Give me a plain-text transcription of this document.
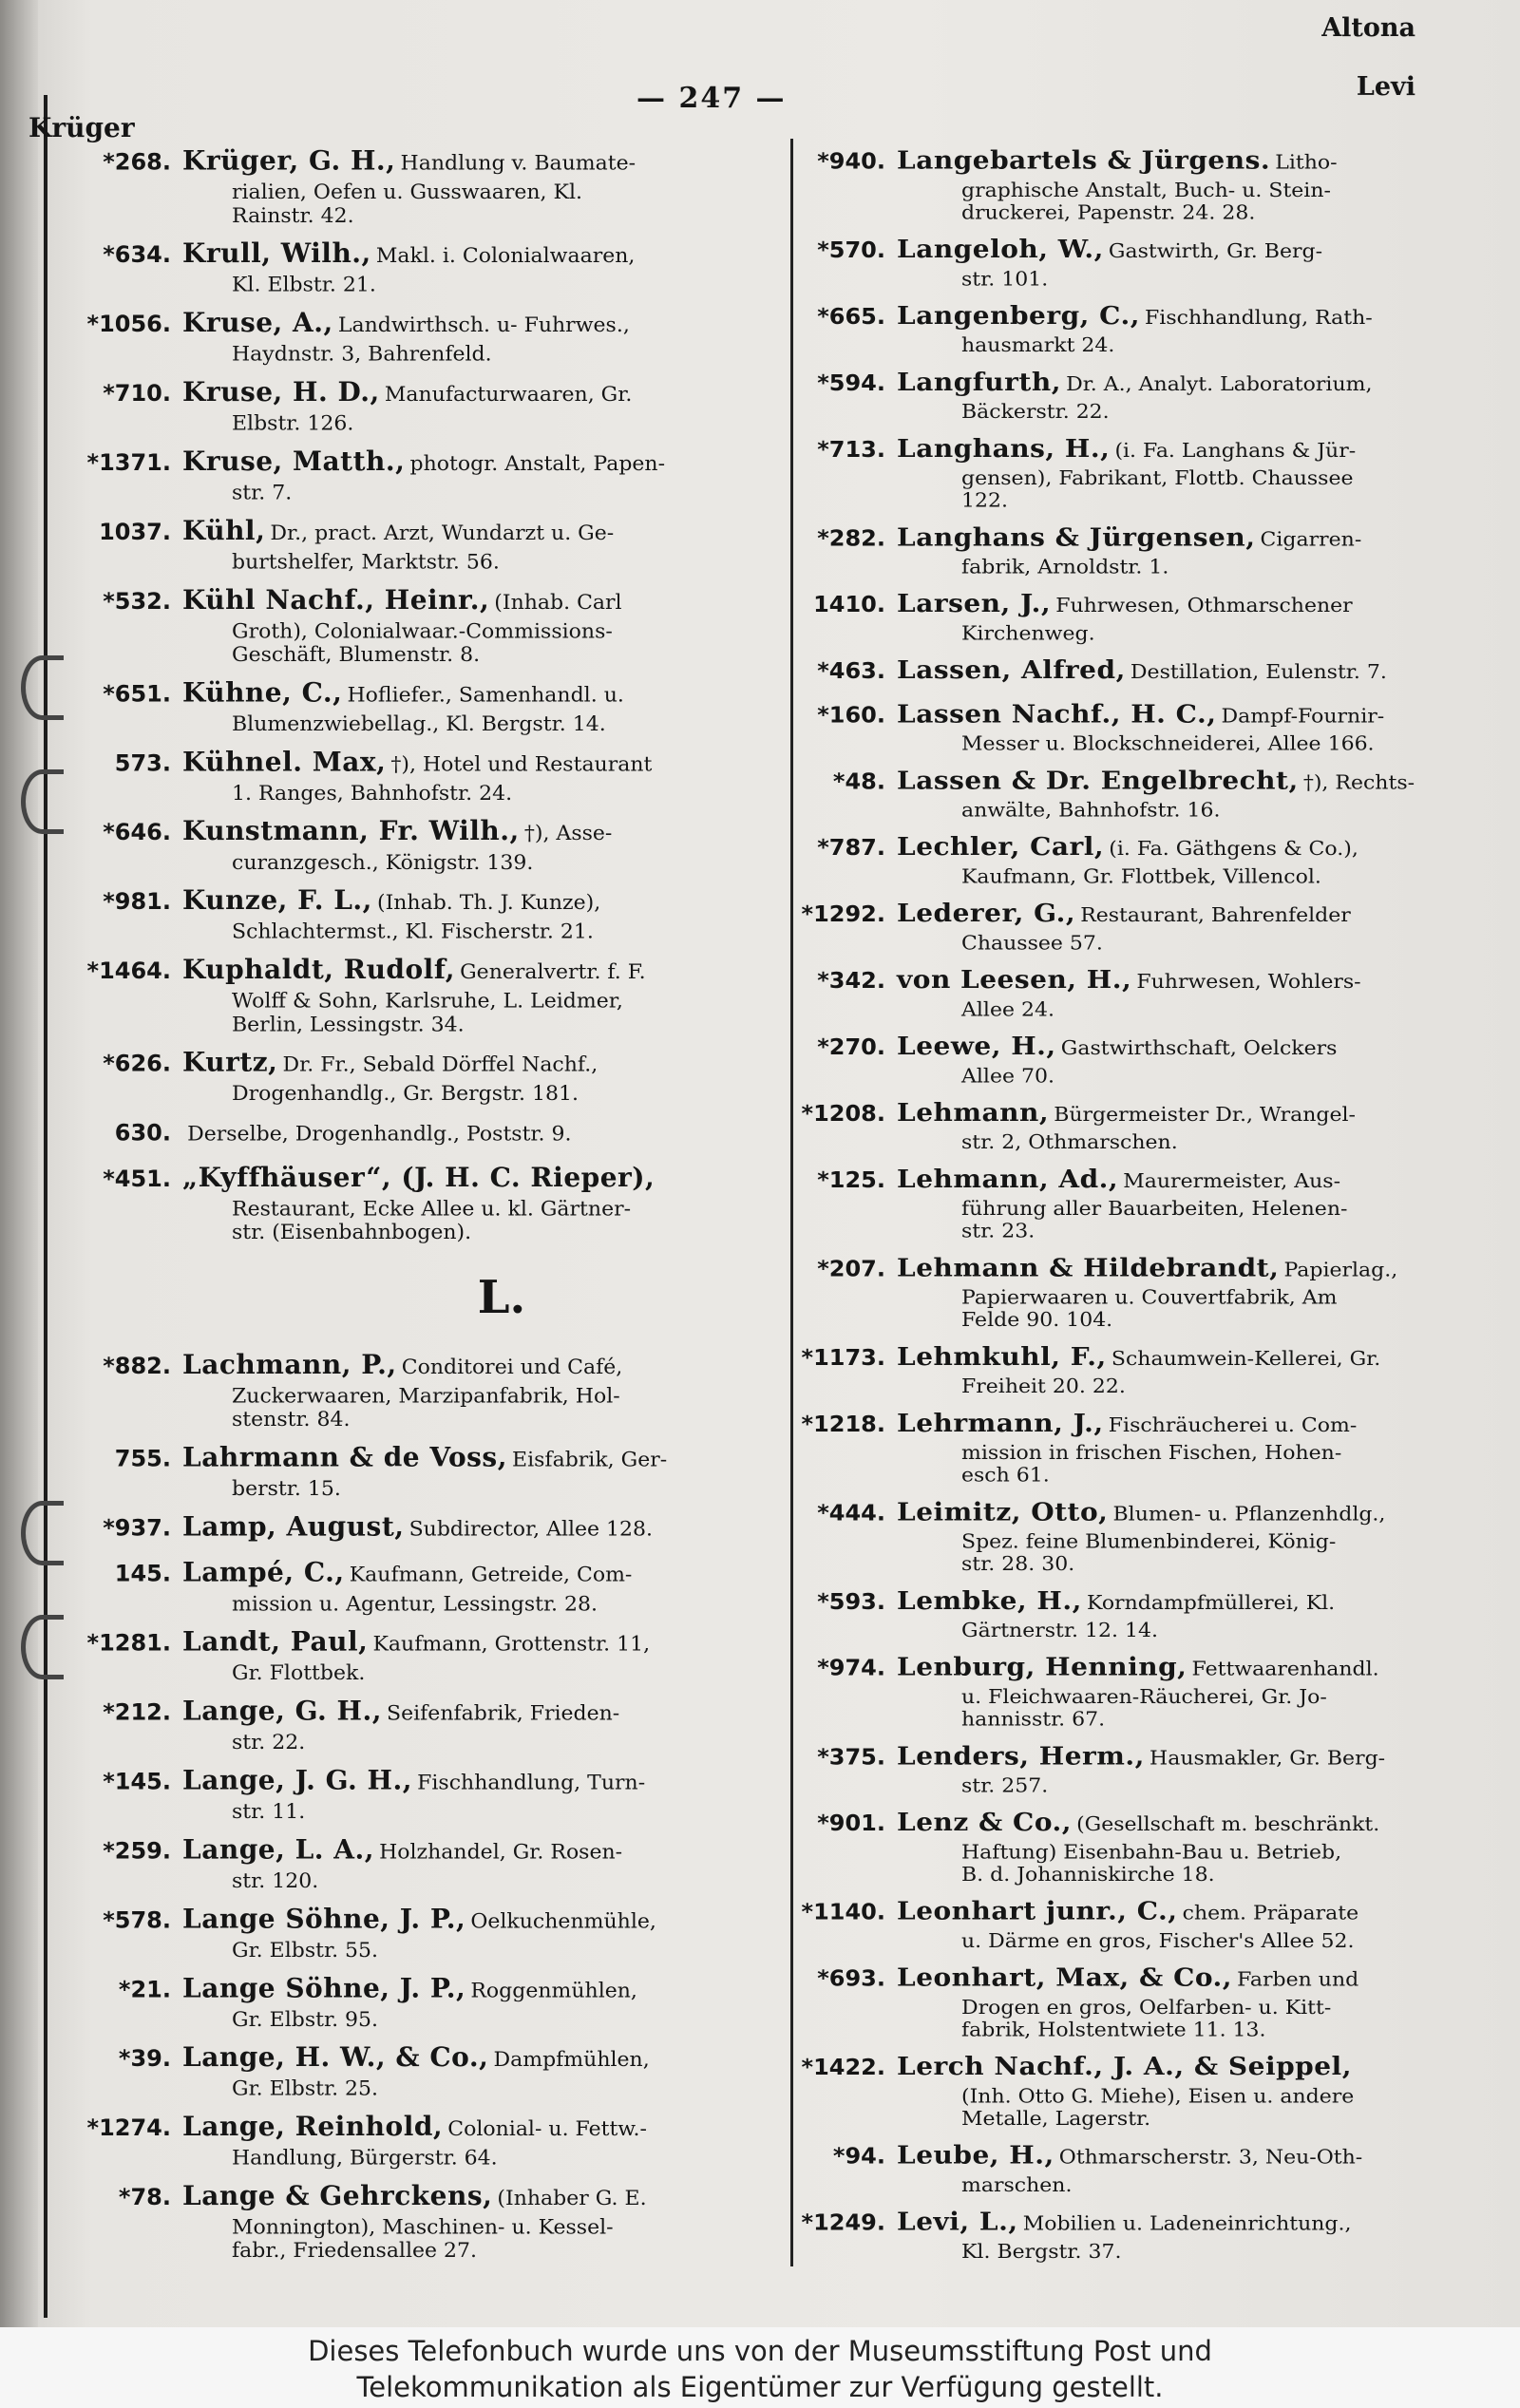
Altona
Levi
Krüger
— 247 —
*268. Krüger, G. H., Handlung v. Baumate-
rialien, Oefen u. Gusswaaren, Kl.
Rainstr. 42.
*634. Krull, Wilh., Makl. i. Colonialwaaren,
Kl. Elbstr. 21.
*1056. Kruse, A., Landwirthsch. u- Fuhrwes.,
Haydnstr. 3, Bahrenfeld.
*710. Kruse, H. D., Manufacturwaaren, Gr.
Elbstr. 126.
*1371. Kruse, Matth., photogr. Anstalt, Papen-
str. 7.
1037. Kühl, Dr., pract. Arzt, Wundarzt u. Ge-
burtshelfer, Marktstr. 56.
*532. Kühl Nachf., Heinr., (Inhab. Carl
Groth), Colonialwaar.-Commissions-
Geschäft, Blumenstr. 8.
*651. Kühne, C., Hofliefer., Samenhandl. u.
Blumenzwiebellag., Kl. Bergstr. 14.
573. Kühnel. Max, †), Hotel und Restaurant
1. Ranges, Bahnhofstr. 24.
*646. Kunstmann, Fr. Wilh., †), Asse-
curanzgesch., Königstr. 139.
*981. Kunze, F. L., (Inhab. Th. J. Kunze),
Schlachtermst., Kl. Fischerstr. 21.
*1464. Kuphaldt, Rudolf, Generalvertr. f. F.
Wolff & Sohn, Karlsruhe, L. Leidmer,
Berlin, Lessingstr. 34.
*626. Kurtz, Dr. Fr., Sebald Dörffel Nachf.,
Drogenhandlg., Gr. Bergstr. 181.
630. Derselbe, Drogenhandlg., Poststr. 9.
*451. „Kyffhäuser“, (J. H. C. Rieper),
Restaurant, Ecke Allee u. kl. Gärtner-
str. (Eisenbahnbogen).
L.
*882. Lachmann, P., Conditorei und Café,
Zuckerwaaren, Marzipanfabrik, Hol-
stenstr. 84.
755. Lahrmann & de Voss, Eisfabrik, Ger-
berstr. 15.
*937. Lamp, August, Subdirector, Allee 128.
145. Lampé, C., Kaufmann, Getreide, Com-
mission u. Agentur, Lessingstr. 28.
*1281. Landt, Paul, Kaufmann, Grottenstr. 11,
Gr. Flottbek.
*212. Lange, G. H., Seifenfabrik, Frieden-
str. 22.
*145. Lange, J. G. H., Fischhandlung, Turn-
str. 11.
*259. Lange, L. A., Holzhandel, Gr. Rosen-
str. 120.
*578. Lange Söhne, J. P., Oelkuchenmühle,
Gr. Elbstr. 55.
*21. Lange Söhne, J. P., Roggenmühlen,
Gr. Elbstr. 95.
*39. Lange, H. W., & Co., Dampfmühlen,
Gr. Elbstr. 25.
*1274. Lange, Reinhold, Colonial- u. Fettw.-
Handlung, Bürgerstr. 64.
*78. Lange & Gehrckens, (Inhaber G. E.
Monnington), Maschinen- u. Kessel-
fabr., Friedensallee 27.
*940. Langebartels & Jürgens. Litho-
graphische Anstalt, Buch- u. Stein-
druckerei, Papenstr. 24. 28.
*570. Langeloh, W., Gastwirth, Gr. Berg-
str. 101.
*665. Langenberg, C., Fischhandlung, Rath-
hausmarkt 24.
*594. Langfurth, Dr. A., Analyt. Laboratorium,
Bäckerstr. 22.
*713. Langhans, H., (i. Fa. Langhans & Jür-
gensen), Fabrikant, Flottb. Chaussee
122.
*282. Langhans & Jürgensen, Cigarren-
fabrik, Arnoldstr. 1.
1410. Larsen, J., Fuhrwesen, Othmarschener
Kirchenweg.
*463. Lassen, Alfred, Destillation, Eulenstr. 7.
*160. Lassen Nachf., H. C., Dampf-Fournir-
Messer u. Blockschneiderei, Allee 166.
*48. Lassen & Dr. Engelbrecht, †), Rechts-
anwälte, Bahnhofstr. 16.
*787. Lechler, Carl, (i. Fa. Gäthgens & Co.),
Kaufmann, Gr. Flottbek, Villencol.
*1292. Lederer, G., Restaurant, Bahrenfelder
Chaussee 57.
*342. von Leesen, H., Fuhrwesen, Wohlers-
Allee 24.
*270. Leewe, H., Gastwirthschaft, Oelckers
Allee 70.
*1208. Lehmann, Bürgermeister Dr., Wrangel-
str. 2, Othmarschen.
*125. Lehmann, Ad., Maurermeister, Aus-
führung aller Bauarbeiten, Helenen-
str. 23.
*207. Lehmann & Hildebrandt, Papierlag.,
Papierwaaren u. Couvertfabrik, Am
Felde 90. 104.
*1173. Lehmkuhl, F., Schaumwein-Kellerei, Gr.
Freiheit 20. 22.
*1218. Lehrmann, J., Fischräucherei u. Com-
mission in frischen Fischen, Hohen-
esch 61.
*444. Leimitz, Otto, Blumen- u. Pflanzenhdlg.,
Spez. feine Blumenbinderei, König-
str. 28. 30.
*593. Lembke, H., Korndampfmüllerei, Kl.
Gärtnerstr. 12. 14.
*974. Lenburg, Henning, Fettwaarenhandl.
u. Fleichwaaren-Räucherei, Gr. Jo-
hannisstr. 67.
*375. Lenders, Herm., Hausmakler, Gr. Berg-
str. 257.
*901. Lenz & Co., (Gesellschaft m. beschränkt.
Haftung) Eisenbahn-Bau u. Betrieb,
B. d. Johanniskirche 18.
*1140. Leonhart junr., C., chem. Präparate
u. Därme en gros, Fischer's Allee 52.
*693. Leonhart, Max, & Co., Farben und
Drogen en gros, Oelfarben- u. Kitt-
fabrik, Holstentwiete 11. 13.
*1422. Lerch Nachf., J. A., & Seippel,
(Inh. Otto G. Miehe), Eisen u. andere
Metalle, Lagerstr.
*94. Leube, H., Othmarscherstr. 3, Neu-Oth-
marschen.
*1249. Levi, L., Mobilien u. Ladeneinrichtung.,
Kl. Bergstr. 37.
Dieses Telefonbuch wurde uns von der Museumsstiftung Post und
Telekommunikation als Eigentümer zur Verfügung gestellt.
